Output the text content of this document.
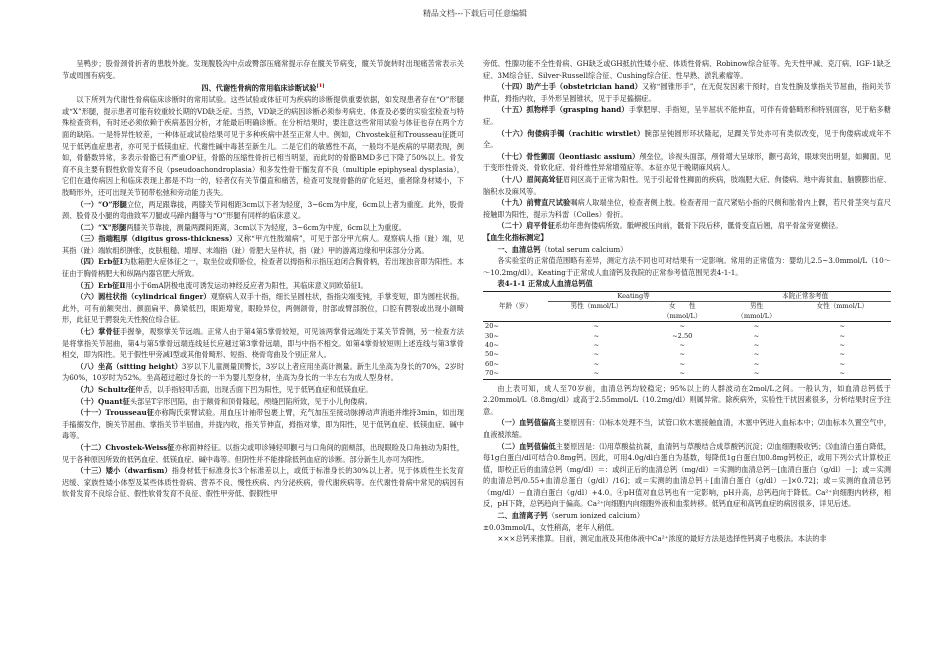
精品文档---下载后可任意编辑

呈鸭步；股骨颈骨折者的患肢外旋。发现腹股沟中点或臀部压痛常提示存在髋关节病变，髋关节旋转时出现痛苦常表示关节或周围有病变。

四、代谢性骨病的常用临床诊断试验[1]

以下所列为代谢性骨病临床诊断时的常用试验。这些试验或体征可为疾病的诊断提供重要依据，如发现患者存在“O”形腿或“X”形腿，提示患者可能有较重较长期的VD缺乏症。当然，VD缺乏的病因诊断必须参考病史、体查及必要的实验室检查与特殊检查资料，有时还必须依赖于疾病基因分析，才能最后明确诊断。在分析结果时，要注意这些常用试验与体征也存在两个方面的缺陷。一是特异性较差，一种体征或试验结果可见于多种疾病中甚至正常人中。例如，Chvostek征和Trousseau征既可见于低钙血症患者，亦可见于低镁血症、代谢性碱中毒甚至新生儿。二是它们的敏感性不高，一般均不是疾病的早期表现，例如，骨骼数异常，多表示骨骼已有严重OP征，骨骼的压缩性骨折已相当明显，而此时的骨骼BMD多已下降了50%以上。骨发育不良主要有假性软骨发育不良（pseudoachondroplasia）和多发性骨干骺发育不良（multiple epiphyseal dysplasia），它们在遗传病因上和临床表现上都是不均一的，轻者仅有关节僵直和痛苦，检查可发现骨骼的矿化延迟，重者除身材矮小，下肢畸形外，还可出现关节韧带松弛和旁动能力丧失。

（一）“O”形腿立位，两足跟靠拢，两膝关节间相距3cm以下者为轻度，3~6cm为中度，6cm以上者为重度。此外，股骨颈、股骨及小腿的弯曲致军刀腿或马蹄内翻等与“O”形腿有同样的临床意义。

（二）“X”形腿两膝关节靠拢，测量两踝间距离，3cm以下为轻度，3~6cm为中度，6cm以上为重度。

（三）指端粗厚（digitus gross-thickness）又称“甲亢性肢端病”，可见于部分甲亢病人。观察病人指（趾）端，见其指（趾）端软组织肿胀，皮肤粗糙、增厚、末端指（趾）骨肥大呈杵状，指（趾）甲的游离边缘和甲床部分分离。

（四）Erb征Ⅰ为肱箱肥大症体征之一，取坐位或仰卧位，检查者以拇指和示指压迫闭合胸骨柄，若出现浊音即为阳性。本征由于胸骨柄肥大和纵隔内器官肥大所致。

（五）Erb征Ⅱ用小于6mA阴极电流可诱发运动神经反应者为阳性，其临床意义同欧茹征Ⅰ。

（六）圆柱状指（cylindrical finger）观察病人双手十指，细长呈圆柱状，指指尖端变钝，手掌变短，即为圆柱状指。此外，可有前额突出、颜面扁平、鼻梁低凹，眼距增宽，眼睑异位，两侧颌骨，肘部或臂部脱位，口腔有腭裂或出现小颌畸形，此征见于腭裂先天性脱位综合征。

（七）掌骨征手握拳，观察掌关节远端。正常人由于第4第5掌骨较短，可见该两掌骨远端处于某关节背侧，另一检查方法是将掌指关节屈曲，第4与第5掌骨远端连线延长应越过第3掌骨远端，即与中指不相交。如第4掌骨较短则上述连线与第3掌骨相交，即为阳性。见于假性甲旁减Ⅰ型或其他骨畸形、短指、桡骨弯曲及个别正常人。

（八）坐高（sitting height）3岁以下儿童测量顶臀长，3岁以上者应用坐高计测量。新生儿坐高为身长的70%，2岁时为60%，10岁时为52%。坐高超过超过身长的一半为婴儿型身材，坐高为身长的一半左右为成人型身材。

（九）Schultz征伸舌，以手指轻叩舌面，出现舌面下凹为阳性，见于低钙血症和低镁血症。

（十）Quant征头部呈T字形凹陷，由于额骨和顶骨隆起，颅缝凹陷所致，见于小儿佝偻病。

（十一）Trousseau征亦称陶氏束臂试验。用血压计袖带包裹上臂，充气加压至接动脉搏动声消逝并维持3min，如出现手搐搦发作，腕关节屈曲、掌指关节半屈曲，并拢内收，指关节伸直，拇指对掌，即为阳性，见于低钙血症、低镁血症、碱中毒等。

（十二）Chvostek-Weiss征亦称面神经征。以指尖或叩诊锤轻叩颧弓与口角间的面颊部，出现眼睑及口角抽动为阳性，见于各种原因所致的低钙血症、低镁血症、碱中毒等。但阴性并不能排除低钙血症的诊断。部分新生儿亦可为阳性。

（十三）矮小（dwarfism）指身材低于标准身长3个标准差以上，或低于标准身长的30%以上者。见于体质性生长发育迟缓、家族性矮小体型及某些体质性骨病、营养不良、慢性疾病、内分泌疾病，骨代谢疾病等。在代谢性骨病中常见的病因有软骨发育不良综合征、假性软骨发育不良征、假性甲旁低、假假性甲

旁低、性腺功能不全性骨病、GH缺乏或GH抵抗性矮小症、体质性骨病、Robinow综合征等。先天性甲减、克汀病、IGF-1缺乏症、3M综合征、Silver-Russell综合征、Cushing综合征、性早熟、淤乳素瘤等。

（十四）助产士手（obstetrician hand）又称“圆锥形手”，在无促发因素干预时，自发性腕及掌指关节屈曲，指间关节伸直，拇指内收，手外形呈圆锥状，见于手足搐搦症。

（十五）抓物样手（grasping hand）手掌肥厚、手指短，呈半屈状不能伸直，可伴有骨骼畸形和特别面容，见于粘多糖症。

（十六）佝偻病手镯（rachitic wirstlet）腕部呈钝圆形环状隆起，足踝关节处亦可有类似改变，见于佝偻病或成年不全。

（十七）骨性狮面（leontiasic assium）颅垒位，诊视头面部，颅骨增大呈球形，颧弓高耸，眼球突出明显，如狮面。见于变形性骨炎、骨软化症、骨纤维性异常增殖症等。本征亦见于晚期麻风病人。

（十八）眉间高耸征眉间区高于正常为阳性。见于引起骨性狮面的疾病，肢端肥大症、佝偻病、地中海贫血、脑膜膨出症、脑积水及麻风等。

（十九）前臂直尺试验嘱病人取端坐位，检查者侧上肢。检查者用一直尺紧贴小指的尺侧和肱骨内上髁，若尺骨茎突与直尺接触即为阳性，提示为科雷（Colles）骨折。

（二十）肩平骨征系幼年患佝偻病所致。骶岬被压向前，骶骨下段后移，骶骨变直后翘，肩平骨盆旁宽横径。

【血生化指标测定】

一、血清总钙（total serum calcium）

各实验室的正常值范围略有差异，测定方法不同也可对结果有一定影响。常用的正常值为：婴幼儿2.5~3.0mmol/L（10～～10.2mg/dl）。Keating于正常成人血清钙及我院的正常参考值范围见表4-1-1。

表4-1-1 正常成人血清总钙值

	Keating等		本院正常参考值	
年龄（岁）	男性（mmol/L）	女　　性	男性	女性（mmol/L）
		（mmol/L）	（mmol/L）	
20~	~	~	~	~
30~	~	~2.50	~	~
40~	~	~	~	~
50~	~	~	~	~
60~	~	~	~	~
70~	~	~	~	~

由上表可知，成人至70岁前，血清总钙均较稳定；95%以上的人群波动在2mol/L之间。一般认为，如血清总钙低于2.20mmol/L（8.8mg/dl）或高于2.55mmol/L（10.2mg/dl）则属异常。除疾病外，实验性干扰因素很多，分析结果时应予注意。

（一）血钙值偏高主要原因有：⑴标本处理不当，试管口软木塞接触血清，木塞中钙进入血标本中；⑵血标本久置空气中，血液被浓缩。

（二）血钙值偏低主要原因是：⑴用草酸盐抗凝，血清钙与草酸结合成草酸钙沉淀；⑵血细胞吸收钙；⑶血清白蛋白降低，每1g白蛋白/dl可结合0.8mg钙。因此，可用4.0g/dl白蛋白为基数，每降低1g白蛋白加0.8mg钙校正，或用下列公式计算校正值，即校正后的血清总钙（mg/dl）＝：或纠正后的血清总钙（mg/dl）＝实测的血清总钙－[血清白蛋白（g/dl）－]；或＝实测的血清总钙/0.55+血清总蛋白（g/dl）/16]；或＝实测的血清总钙＋[血清白蛋白（g/dl）－]×0.72]；或＝实测的血清总钙（mg/dl）－血清白蛋白（g/dl）+4.0。④pH值对血总钙也有一定影响，pH升高，总钙趋向于降低。Ca²⁺向细胞内转移，相反，pH下降，总钙趋向于偏高。Ca²⁺向细胞内向细胞外液和血浆转移。低钙血症和高钙血症的病因很多，详见后述。

二、血清离子钙（serum ionized calcium）

±0.03mmol/L，女性稍高，老年人稍低。

×××总钙来推算。目前，测定血液及其他体液中Ca²⁺浓度的最好方法是选择性钙离子电极法。本法的非
